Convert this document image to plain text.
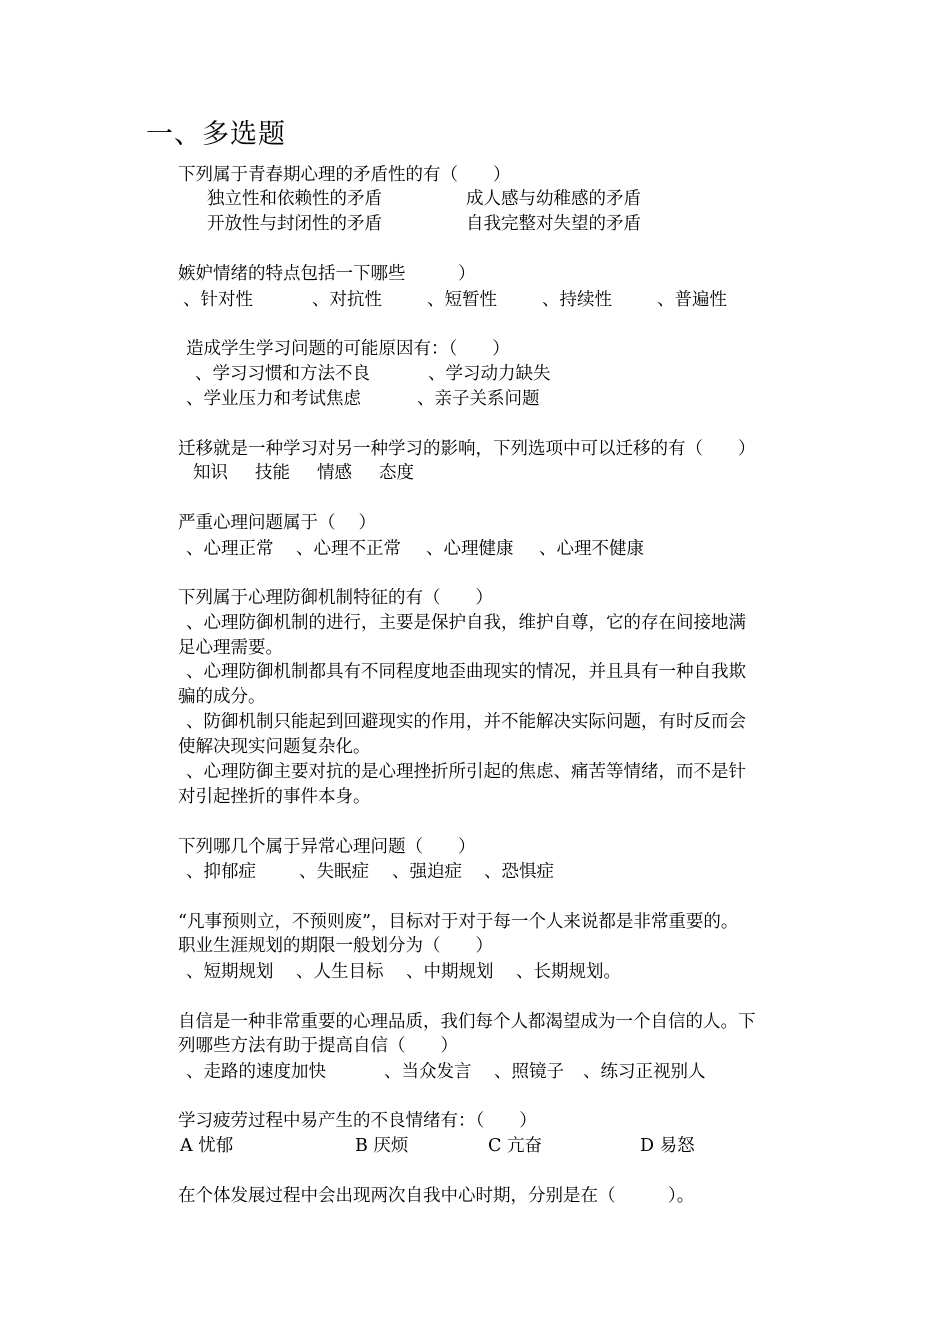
一、多选题
下列属于青春期心理的矛盾性的有（　　）
独立性和依赖性的矛盾	成人感与幼稚感的矛盾
开放性与封闭性的矛盾	自我完整对失望的矛盾
嫉妒情绪的特点包括一下哪些　　　）
、针对性	、对抗性	、短暂性	、持续性	、普遍性
造成学生学习问题的可能原因有：（　　）
、学习习惯和方法不良	、学习动力缺失
、学业压力和考试焦虑	、亲子关系问题
迁移就是一种学习对另一种学习的影响，下列选项中可以迁移的有（　　）
知识 技能 情感 态度
严重心理问题属于（　 ）
、心理正常 、心理不正常 、心理健康 、心理不健康
下列属于心理防御机制特征的有（　　）
、心理防御机制的进行，主要是保护自我，维护自尊，它的存在间接地满
足心理需要。
、心理防御机制都具有不同程度地歪曲现实的情况，并且具有一种自我欺
骗的成分。
、防御机制只能起到回避现实的作用，并不能解决实际问题，有时反而会
使解决现实问题复杂化。
、心理防御主要对抗的是心理挫折所引起的焦虑、痛苦等情绪，而不是针
对引起挫折的事件本身。
下列哪几个属于异常心理问题（　　）
、抑郁症 、失眠症 、强迫症 、恐惧症
“凡事预则立，不预则废”，目标对于对于每一个人来说都是非常重要的。
职业生涯规划的期限一般划分为（　　）
、短期规划 、人生目标 、中期规划 、长期规划。
自信是一种非常重要的心理品质，我们每个人都渴望成为一个自信的人。下
列哪些方法有助于提高自信（　　）
、走路的速度加快	、当众发言 、照镜子 、练习正视别人
学习疲劳过程中易产生的不良情绪有：（　　）
A 忧郁	B 厌烦	C 亢奋	D 易怒
在个体发展过程中会出现两次自我中心时期，分别是在（　　　）。
